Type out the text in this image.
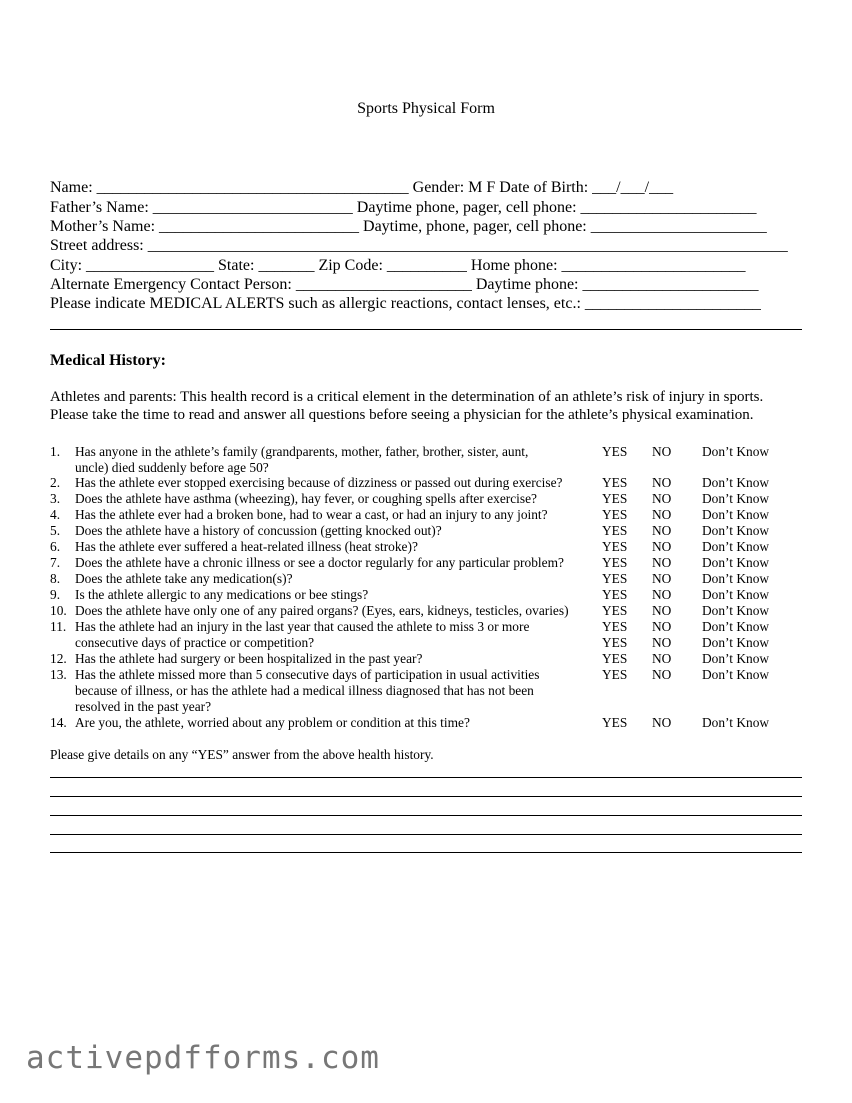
Sports Physical Form
Name: _______________________________________ Gender: M F Date of Birth: ___/___/___
Father’s Name: _________________________ Daytime phone, pager, cell phone: ______________________
Mother’s Name: _________________________ Daytime, phone, pager, cell phone: ______________________
Street address: ________________________________________________________________________________
City: ________________ State: _______ Zip Code: __________ Home phone: _______________________
Alternate Emergency Contact Person: ______________________ Daytime phone: ______________________
Please indicate MEDICAL ALERTS such as allergic reactions, contact lenses, etc.: ______________________
Medical History:
Athletes and parents: This health record is a critical element in the determination of an athlete’s risk of injury in sports.
Please take the time to read and answer all questions before seeing a physician for the athlete’s physical examination.
1.	Has anyone in the athlete’s family (grandparents, mother, father, brother, sister, aunt,
uncle) died suddenly before age 50?
YES NO Don’t Know
2.	Has the athlete ever stopped exercising because of dizziness or passed out during exercise?	YES NO Don’t Know
3.	Does the athlete have asthma (wheezing), hay fever, or coughing spells after exercise?	YES NO Don’t Know
4.	Has the athlete ever had a broken bone, had to wear a cast, or had an injury to any joint?	YES NO Don’t Know
5.	Does the athlete have a history of concussion (getting knocked out)?	YES NO Don’t Know
6.	Has the athlete ever suffered a heat-related illness (heat stroke)?	YES NO Don’t Know
7.	Does the athlete have a chronic illness or see a doctor regularly for any particular problem?	YES NO Don’t Know
8.	Does the athlete take any medication(s)?	YES NO Don’t Know
9.	Is the athlete allergic to any medications or bee stings?	YES NO Don’t Know
10. Does the athlete have only one of any paired organs? (Eyes, ears, kidneys, testicles, ovaries) YES NO Don’t Know
11. Has the athlete had an injury in the last year that caused the athlete to miss 3 or more
consecutive days of practice or competition?
YES NO Don’t Know
YES NO Don’t Know
12. Has the athlete had surgery or been hospitalized in the past year?	YES NO Don’t Know
13. Has the athlete missed more than 5 consecutive days of participation in usual activities
because of illness, or has the athlete had a medical illness diagnosed that has not been
resolved in the past year?
YES NO Don’t Know
14. Are you, the athlete, worried about any problem or condition at this time?	YES NO Don’t Know
Please give details on any “YES” answer from the above health history.
activepdfforms.com
